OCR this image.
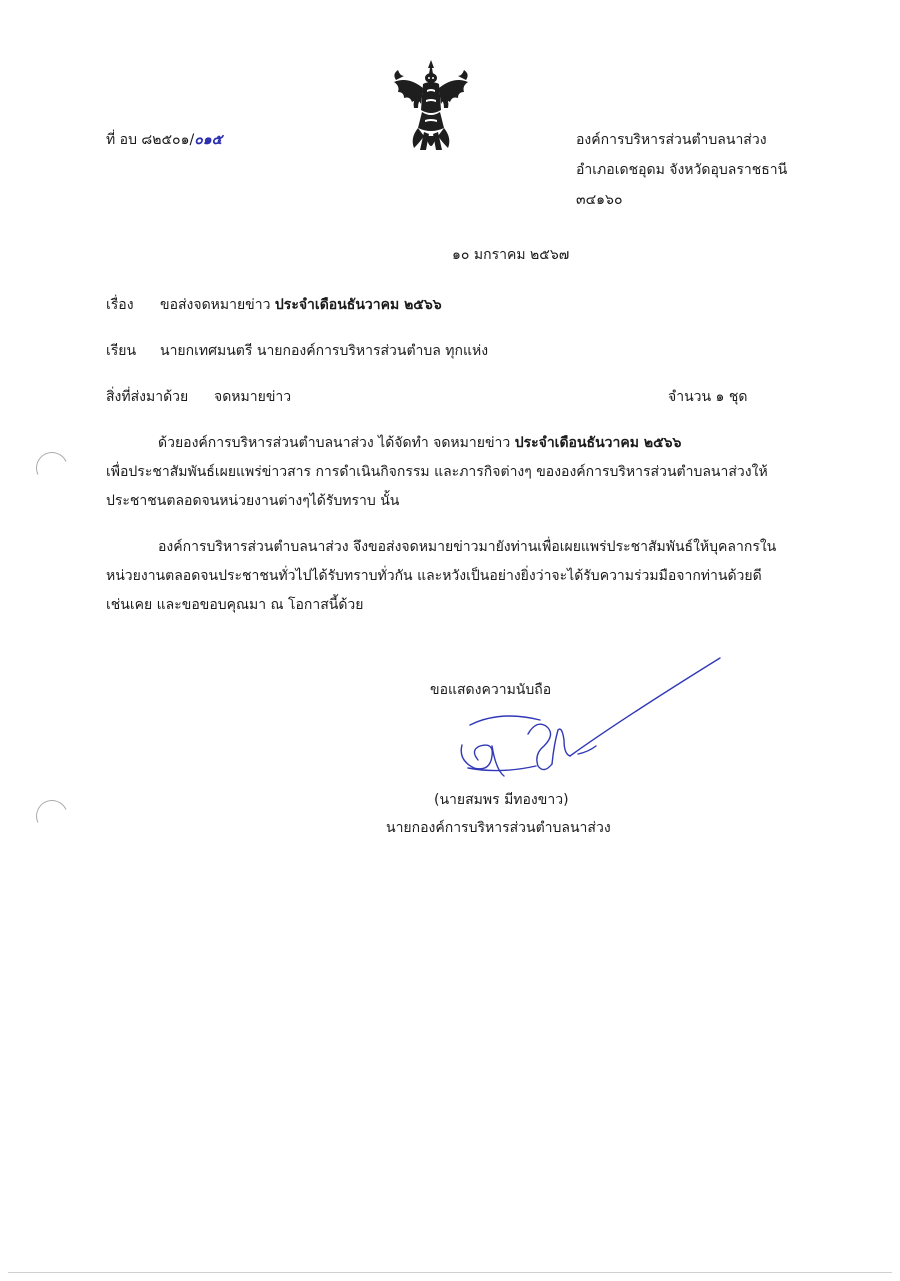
ที่ อบ ๘๒๕๐๑/๐๑๕	องค์การบริหารส่วนตำบลนาส่วง
อำเภอเดชอุดม จังหวัดอุบลราชธานี
๓๔๑๖๐
๑๐ มกราคม ๒๕๖๗
เรื่อง ขอส่งจดหมายข่าว ประจำเดือนธันวาคม ๒๕๖๖
เรียน นายกเทศมนตรี นายกองค์การบริหารส่วนตำบล ทุกแห่ง
สิ่งที่ส่งมาด้วย จดหมายข่าว	จำนวน ๑ ชุด
ด้วยองค์การบริหารส่วนตำบลนาส่วง ได้จัดทำ จดหมายข่าว ประจำเดือนธันวาคม ๒๕๖๖
เพื่อประชาสัมพันธ์เผยแพร่ข่าวสาร การดำเนินกิจกรรม และภารกิจต่างๆ ขององค์การบริหารส่วนตำบลนาส่วงให้
ประชาชนตลอดจนหน่วยงานต่างๆได้รับทราบ นั้น
องค์การบริหารส่วนตำบลนาส่วง จึงขอส่งจดหมายข่าวมายังท่านเพื่อเผยแพร่ประชาสัมพันธ์ให้บุคลากรใน
หน่วยงานตลอดจนประชาชนทั่วไปได้รับทราบทั่วกัน และหวังเป็นอย่างยิ่งว่าจะได้รับความร่วมมือจากท่านด้วยดี
เช่นเคย และขอขอบคุณมา ณ โอกาสนี้ด้วย
ขอแสดงความนับถือ
(นายสมพร มีทองขาว)
นายกองค์การบริหารส่วนตำบลนาส่วง
